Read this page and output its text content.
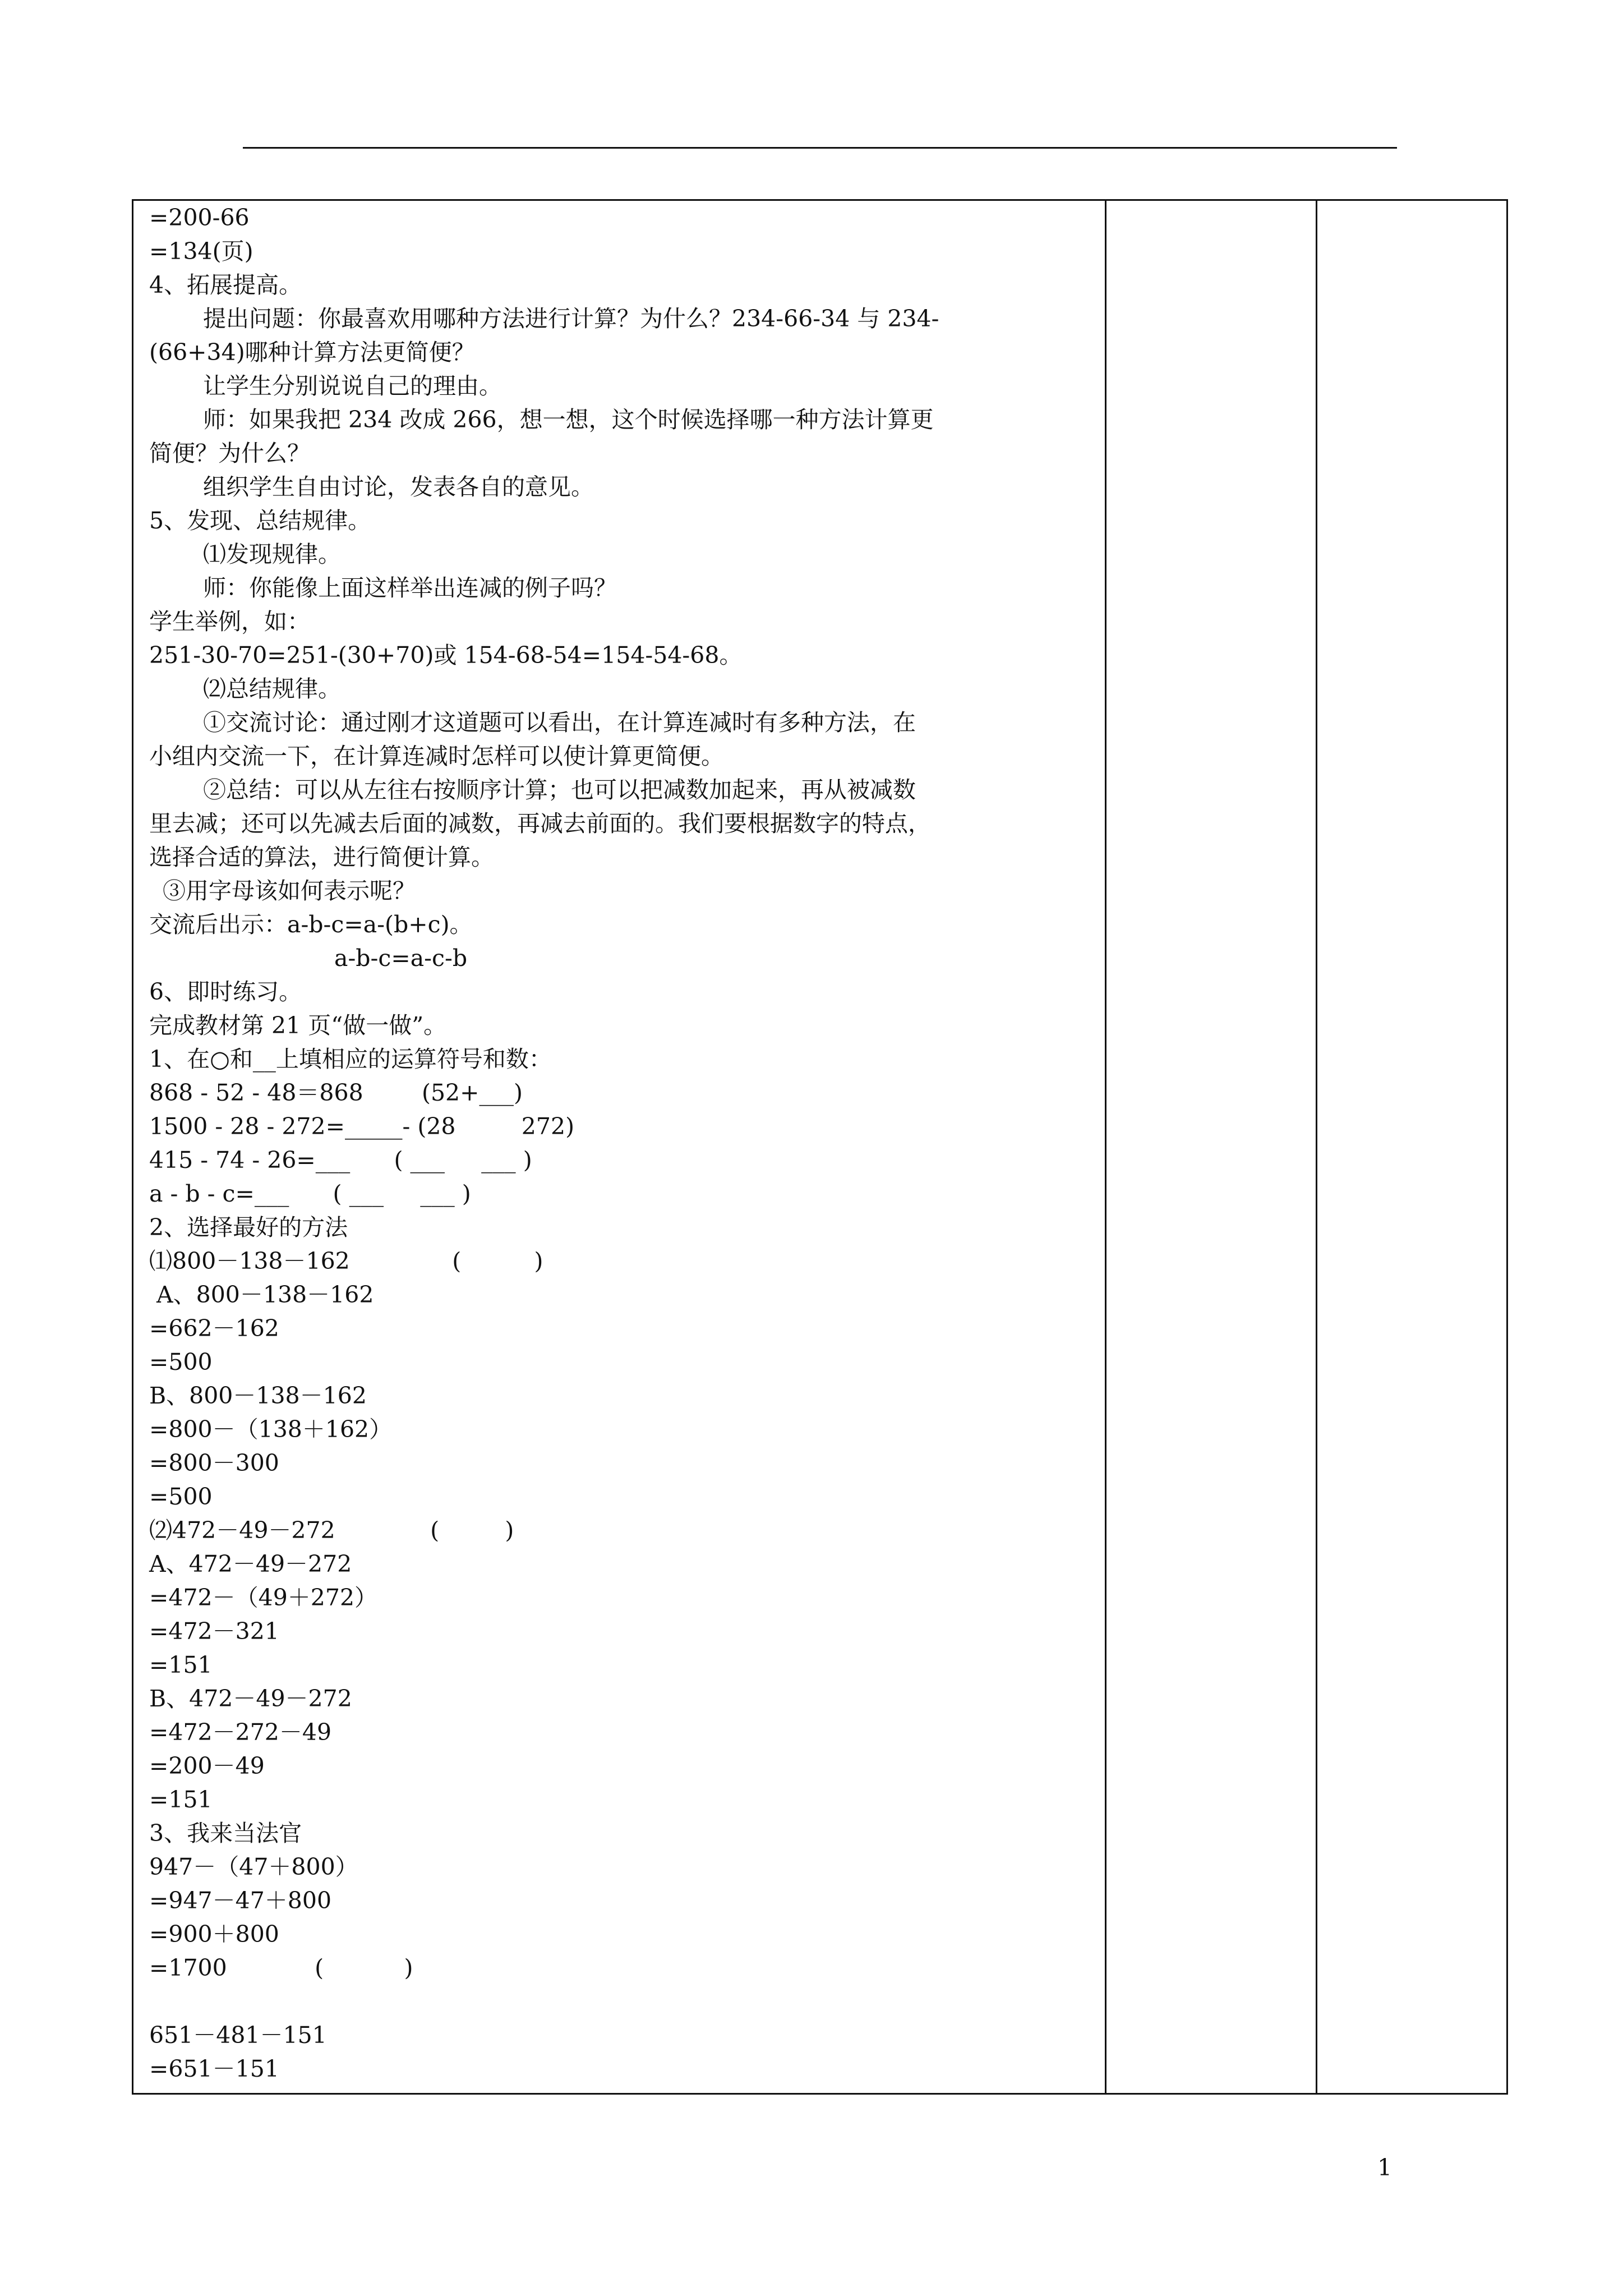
=200-66
=134(页)
4、拓展提高。
提出问题：你最喜欢用哪种方法进行计算？为什么？234-66-34 与 234-
(66+34)哪种计算方法更简便？
让学生分别说说自己的理由。
师：如果我把 234 改成 266，想一想，这个时候选择哪一种方法计算更
简便？为什么？
组织学生自由讨论，发表各自的意见。
5、发现、总结规律。
⑴发现规律。
师：你能像上面这样举出连减的例子吗？
学生举例，如：
251-30-70=251-(30+70)或 154-68-54=154-54-68。
⑵总结规律。
①交流讨论：通过刚才这道题可以看出，在计算连减时有多种方法，在
小组内交流一下，在计算连减时怎样可以使计算更简便。
②总结：可以从左往右按顺序计算；也可以把减数加起来，再从被减数
里去减；还可以先减去后面的减数，再减去前面的。我们要根据数字的特点，
选择合适的算法，进行简便计算。
③用字母该如何表示呢？
交流后出示：a-b-c=a-(b+c)。
a-b-c=a-c-b
6、即时练习。
完成教材第 21 页“做一做”。
1、在○和__上填相应的运算符号和数：
868 - 52 - 48＝868        (52+___)
1500 - 28 - 272=_____- (28         272)
415 - 74 - 26=___      ( ___     ___ )
a - b - c=___      ( ___     ___ )
2、选择最好的方法
⑴800－138－162              (          )
A、800－138－162
=662－162
=500
B、800－138－162
=800－（138＋162）
=800－300
=500
⑵472－49－272             (         )
A、472－49－272
=472－（49＋272）
=472－321
=151
B、472－49－272
=472－272－49
=200－49
=151
3、我来当法官
947－（47＋800）
=947－47＋800
=900＋800
=1700            (           )
651－481－151
=651－151
1
